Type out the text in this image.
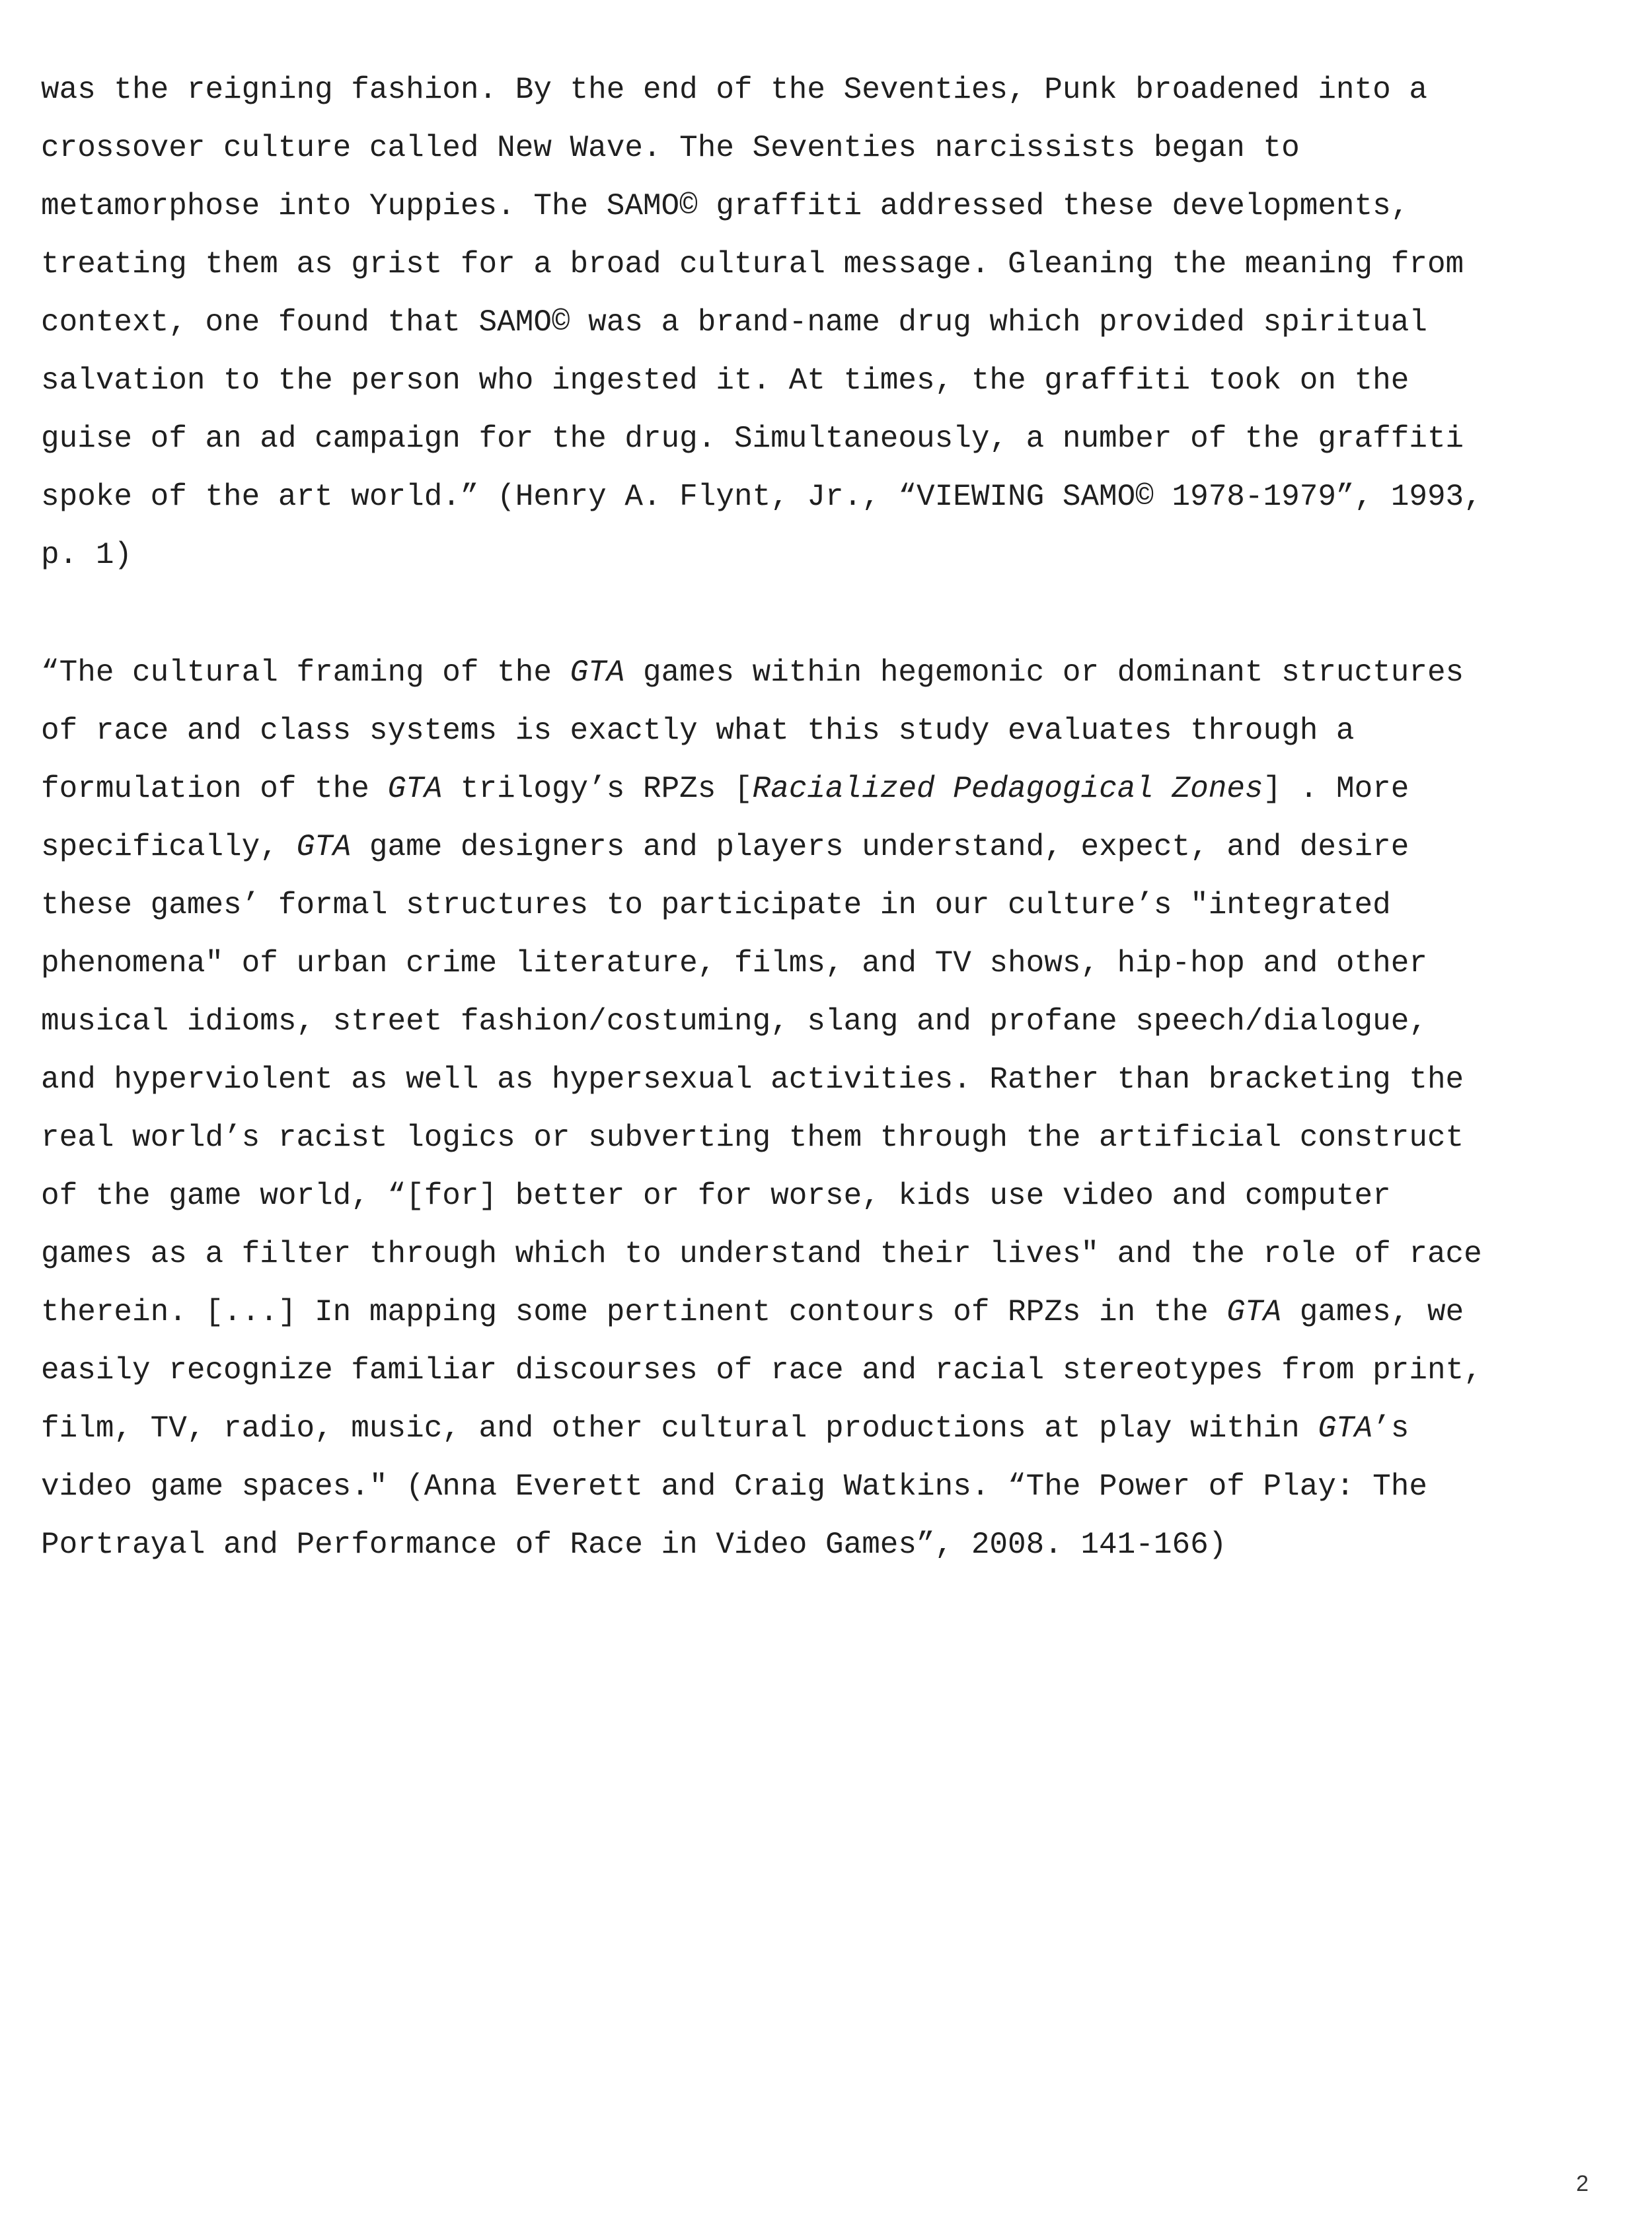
was the reigning fashion. By the end of the Seventies, Punk broadened into a
crossover culture called New Wave. The Seventies narcissists began to
metamorphose into Yuppies. The SAMO© graffiti addressed these developments,
treating them as grist for a broad cultural message. Gleaning the meaning from
context, one found that SAMO© was a brand-name drug which provided spiritual
salvation to the person who ingested it. At times, the graffiti took on the
guise of an ad campaign for the drug. Simultaneously, a number of the graffiti
spoke of the art world.” (Henry A. Flynt, Jr., “VIEWING SAMO© 1978-1979”, 1993,
p. 1)

“The cultural framing of the GTA games within hegemonic or dominant structures
of race and class systems is exactly what this study evaluates through a
formulation of the GTA trilogy’s RPZs [Racialized Pedagogical Zones] . More
specifically, GTA game designers and players understand, expect, and desire
these games’ formal structures to participate in our culture’s "integrated
phenomena" of urban crime literature, films, and TV shows, hip-hop and other
musical idioms, street fashion/costuming, slang and profane speech/dialogue,
and hyperviolent as well as hypersexual activities. Rather than bracketing the
real world’s racist logics or subverting them through the artificial construct
of the game world, “[for] better or for worse, kids use video and computer
games as a filter through which to understand their lives" and the role of race
therein. [...] In mapping some pertinent contours of RPZs in the GTA games, we
easily recognize familiar discourses of race and racial stereotypes from print,
film, TV, radio, music, and other cultural productions at play within GTA’s
video game spaces." (Anna Everett and Craig Watkins. “The Power of Play: The
Portrayal and Performance of Race in Video Games”, 2008. 141-166)

2
